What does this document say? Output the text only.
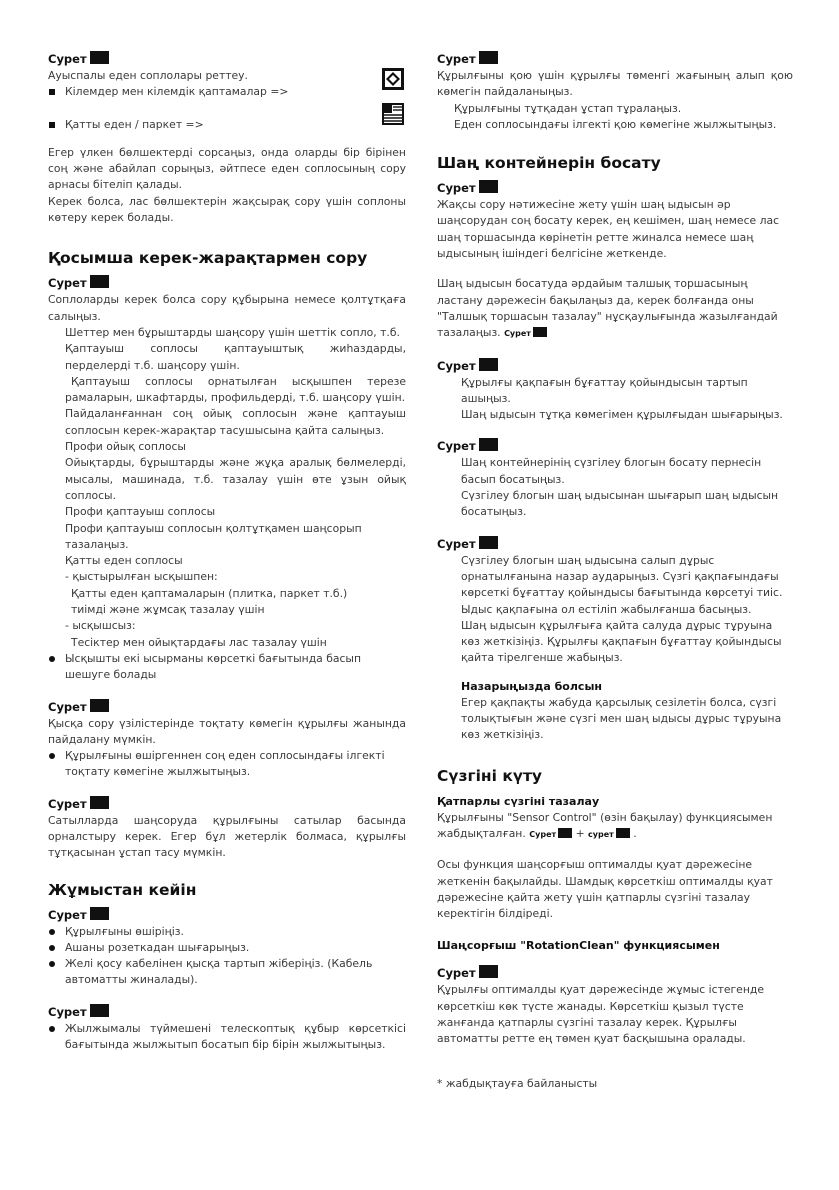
Сурет

Ауыспалы еден соплолары реттеу.

Кілемдер мен кілемдік қаптамалар =>

Қатты еден / паркет =>

Егер үлкен бөлшектерді сорсаңыз, онда оларды бір бірінен соң және абайлап сорыңыз, әйтпесе еден соплосының сору арнасы бітеліп қалады.

Керек болса, лас бөлшектерін жақсырақ сору үшін соплоны көтеру керек болады.

Қосымша керек-жарақтармен сору
Сурет

Соплоларды керек болса сору құбырына немесе қолтұтқаға салыңыз.

Шеттер мен бұрыштарды шаңсору үшін шеттік сопло, т.б.

Қаптауыш соплосы қаптауыштық жиһаздарды, перделерді т.б. шаңсору үшін.

Қаптауыш соплосы орнатылған ысқышпен терезе рамаларын, шкафтарды, профильдерді, т.б. шаңсору үшін.

Пайдаланғаннан соң ойық соплосын және қаптауыш соплосын керек-жарақтар тасушысына қайта салыңыз.

Профи ойық соплосы

Ойықтарды, бұрыштарды және жұқа аралық бөлмелерді, мысалы, машинада, т.б. тазалау үшін өте ұзын ойық соплосы.

Профи қаптауыш соплосы

Профи қаптауыш соплосын қолтұтқамен шаңсорып тазалаңыз.

Қатты еден соплосы

- қыстырылған ысқышпен:

Қатты еден қаптамаларын (плитка, паркет т.б.)

тиімді және жұмсақ тазалау үшін

- ысқышсыз:

Тесіктер мен ойықтардағы лас тазалау үшін

Ысқышты екі ысырманы көрсеткі бағытында басып шешуге болады

Сурет

Қысқа сору үзілістерінде тоқтату көмегін құрылғы жанында пайдалану мүмкін.

Құрылғыны өшіргеннен соң еден соплосындағы ілгекті тоқтату көмегіне жылжытыңыз.

Сурет

Сатылларда шаңсоруда құрылғыны сатылар басында орналстыру керек. Егер бұл жетерлік болмаса, құрылғы тұтқасынан ұстап тасу мүмкін.

Жұмыстан кейін
Сурет

Құрылғыны өшіріңіз.

Ашаны розеткадан шығарыңыз.

Желі қосу кабелінен қысқа тартып жіберіңіз. (Кабель автоматты жиналады).

Сурет

Жылжымалы түймешені телескоптық құбыр көрсеткісі бағытында жылжытып босатып бір бірін жылжытыңыз.

Сурет

Құрылғыны қою үшін құрылғы төменгі жағының алып қою көмегін пайдаланыңыз.

Құрылғыны тұтқадан ұстап тұралаңыз.

Еден соплосындағы ілгекті қою көмегіне жылжытыңыз.

Шаң контейнерін босату
Сурет

Жақсы сору нәтижесіне жету үшін шаң ыдысын әр шаңсорудан соң босату керек, ең кешімен, шаң немесе лас шаң торшасында көрінетін ретте жиналса немесе шаң ыдысының ішіндегі белгісіне жеткенде.

Шаң ыдысын босатуда әрдайым талшық торшасының ластану дәрежесін бақылаңыз да, керек болғанда оны "Талшық торшасын тазалау" нұсқаулығында жазылғандай тазалаңыз. Сурет

Сурет

Құрылғы қақпағын бұғаттау қойындысын тартып ашыңыз.

Шаң ыдысын тұтқа көмегімен құрылғыдан шығарыңыз.

Сурет

Шаң контейнерінің сүзгілеу блогын босату пернесін басып босатыңыз.

Сүзгілеу блогын шаң ыдысынан шығарып шаң ыдысын босатыңыз.

Сурет

Сүзгілеу блогын шаң ыдысына салып дұрыс орнатылғанына назар аударыңыз. Сүзгі қақпағындағы көрсеткі бұғаттау қойындысы бағытында көрсетуі тиіс.

Ыдыс қақпағына ол естіліп жабылғанша басыңыз.

Шаң ыдысын құрылғыға қайта салуда дұрыс тұруына көз жеткізіңіз. Құрылғы қақпағын бұғаттау қойындысы қайта тірелгенше жабыңыз.

Назарыңызда болсын

Егер қақпақты жабуда қарсылық сезілетін болса, сүзгі толықтығын және сүзгі мен шаң ыдысы дұрыс тұруына көз жеткізіңіз.

Сүзгіні күту
Қатпарлы сүзгіні тазалау

Құрылғыны "Sensor Control" (өзін бақылау) функциясымен жабдықталған. Сурет + сурет .

Осы функция шаңсорғыш оптималды қуат дәрежесіне жеткенін бақылайды. Шамдық көрсеткіш оптималды қуат дәрежесіне қайта жету үшін қатпарлы сүзгіні тазалау керектігін білдіреді.

Шаңсорғыш "RotationClean" функциясымен
Сурет

Құрылғы оптималды қуат дәрежесінде жұмыс істегенде көрсеткіш көк түсте жанады. Көрсеткіш қызыл түсте жанғанда қатпарлы сүзгіні тазалау керек. Құрылғы автоматты ретте ең төмен қуат басқышына оралады.

* жабдықтауға байланысты
